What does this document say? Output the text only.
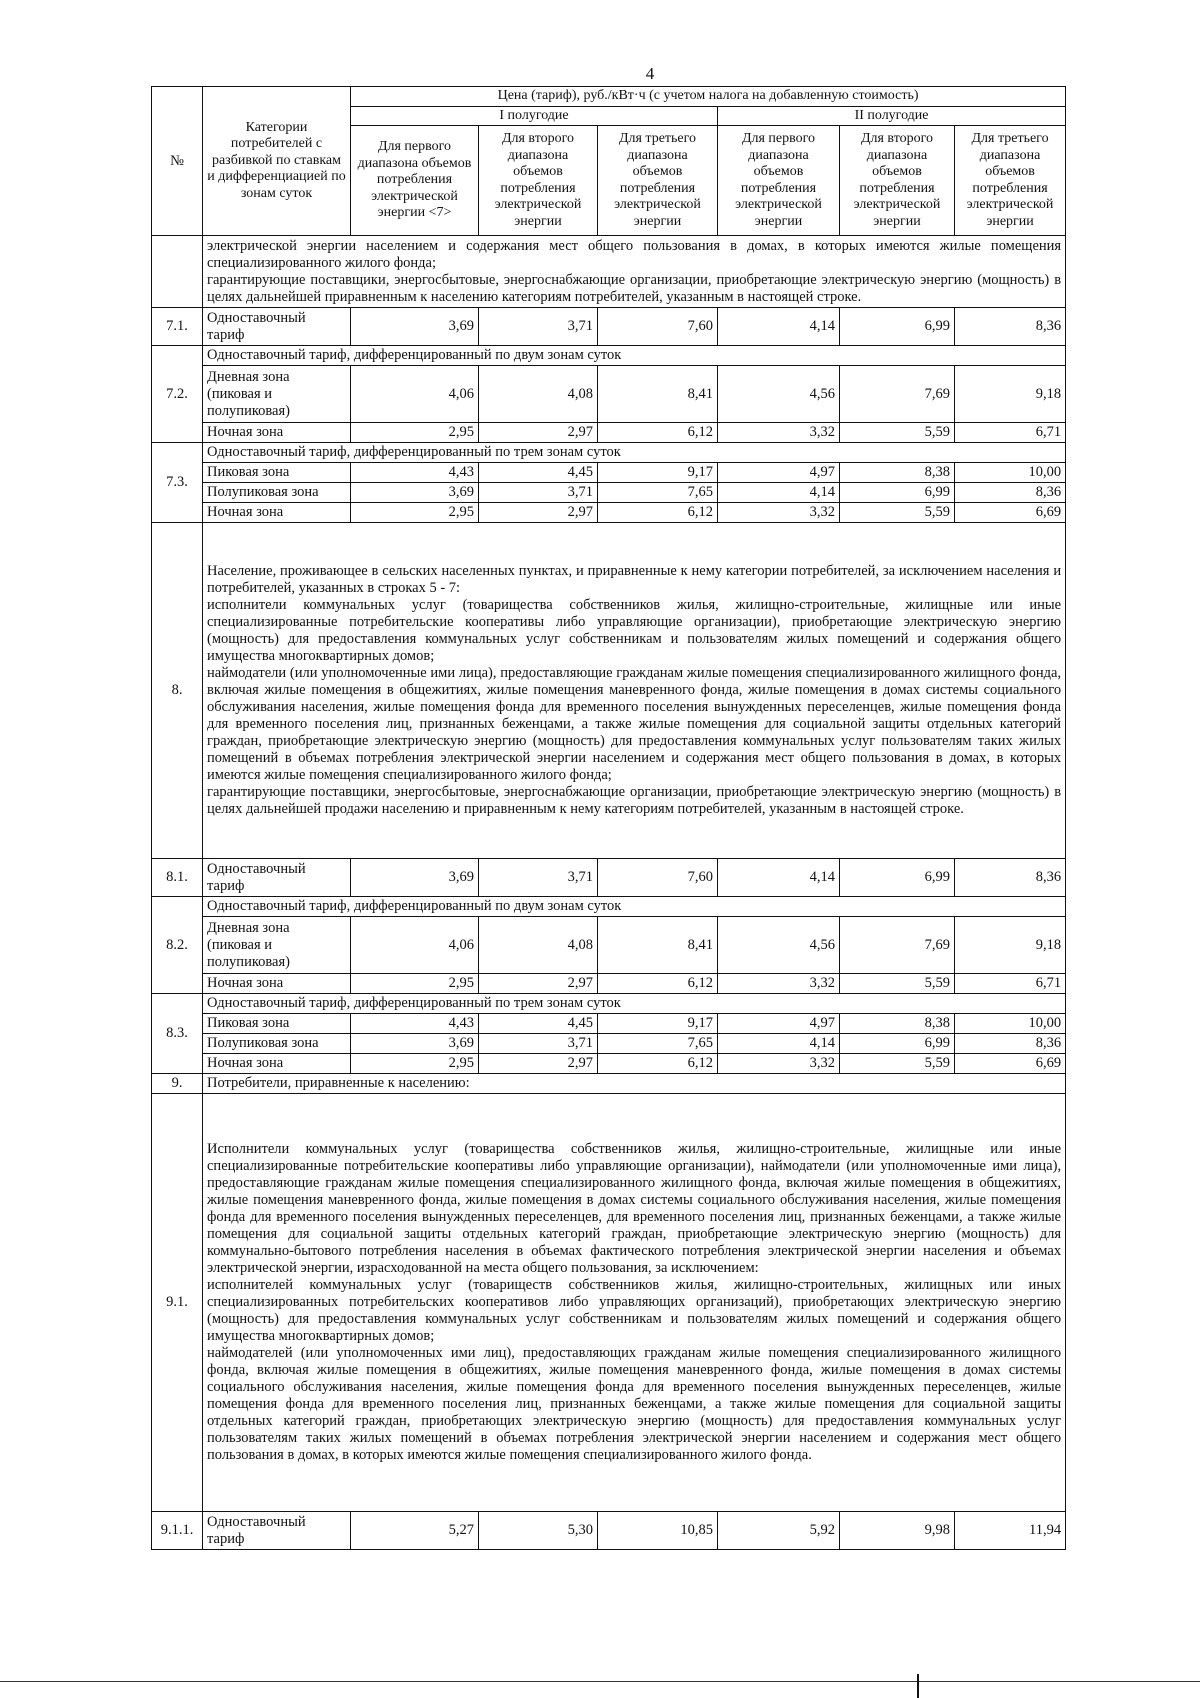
4
№	Категории потребителей с разбивкой по ставкам и дифференциацией по зонам суток	Цена (тариф), руб./кВт·ч (с учетом налога на добавленную стоимость)					
		I полугодие			II полугодие		
		Для первого диапазона объемов потребления электрической энергии <7>	Для второго диапазона объемов потребления электрической энергии	Для третьего диапазона объемов потребления электрической энергии	Для первого диапазона объемов потребления электрической энергии	Для второго диапазона объемов потребления электрической энергии	Для третьего диапазона объемов потребления электрической энергии
	электрической энергии населением и содержания мест общего пользования в домах, в которых имеются жилые помещения специализированного жилого фонда;
гарантирующие поставщики, энергосбытовые, энергоснабжающие организации, приобретающие электрическую энергию (мощность) в целях дальнейшей приравненным к населению категориям потребителей, указанным в настоящей строке.						
7.1.	Одноставочный тариф	3,69	3,71	7,60	4,14	6,99	8,36
7.2.	Одноставочный тариф, дифференцированный по двум зонам суток						
	Дневная зона (пиковая и полупиковая)	4,06	4,08	8,41	4,56	7,69	9,18
	Ночная зона	2,95	2,97	6,12	3,32	5,59	6,71
7.3.	Одноставочный тариф, дифференцированный по трем зонам суток						
	Пиковая зона	4,43	4,45	9,17	4,97	8,38	10,00
	Полупиковая зона	3,69	3,71	7,65	4,14	6,99	8,36
	Ночная зона	2,95	2,97	6,12	3,32	5,59	6,69
8.	Население, проживающее в сельских населенных пунктах, и приравненные к нему категории потребителей, за исключением населения и потребителей, указанных в строках 5 - 7:
исполнители коммунальных услуг (товарищества собственников жилья, жилищно-строительные, жилищные или иные специализированные потребительские кооперативы либо управляющие организации), приобретающие электрическую энергию (мощность) для предоставления коммунальных услуг собственникам и пользователям жилых помещений и содержания общего имущества многоквартирных домов;
наймодатели (или уполномоченные ими лица), предоставляющие гражданам жилые помещения специализированного жилищного фонда, включая жилые помещения в общежитиях, жилые помещения маневренного фонда, жилые помещения в домах системы социального обслуживания населения, жилые помещения фонда для временного поселения вынужденных переселенцев, жилые помещения фонда для временного поселения лиц, признанных беженцами, а также жилые помещения для социальной защиты отдельных категорий граждан, приобретающие электрическую энергию (мощность) для предоставления коммунальных услуг пользователям таких жилых помещений в объемах потребления электрической энергии населением и содержания мест общего пользования в домах, в которых имеются жилые помещения специализированного жилого фонда;
гарантирующие поставщики, энергосбытовые, энергоснабжающие организации, приобретающие электрическую энергию (мощность) в целях дальнейшей продажи населению и приравненным к нему категориям потребителей, указанным в настоящей строке.						
8.1.	Одноставочный тариф	3,69	3,71	7,60	4,14	6,99	8,36
8.2.	Одноставочный тариф, дифференцированный по двум зонам суток						
	Дневная зона (пиковая и полупиковая)	4,06	4,08	8,41	4,56	7,69	9,18
	Ночная зона	2,95	2,97	6,12	3,32	5,59	6,71
8.3.	Одноставочный тариф, дифференцированный по трем зонам суток						
	Пиковая зона	4,43	4,45	9,17	4,97	8,38	10,00
	Полупиковая зона	3,69	3,71	7,65	4,14	6,99	8,36
	Ночная зона	2,95	2,97	6,12	3,32	5,59	6,69
9.	Потребители, приравненные к населению:						
9.1.	Исполнители коммунальных услуг (товарищества собственников жилья, жилищно-строительные, жилищные или иные специализированные потребительские кооперативы либо управляющие организации), наймодатели (или уполномоченные ими лица), предоставляющие гражданам жилые помещения специализированного жилищного фонда, включая жилые помещения в общежитиях, жилые помещения маневренного фонда, жилые помещения в домах системы социального обслуживания населения, жилые помещения фонда для временного поселения вынужденных переселенцев, для временного поселения лиц, признанных беженцами, а также жилые помещения для социальной защиты отдельных категорий граждан, приобретающие электрическую энергию (мощность) для коммунально-бытового потребления населения в объемах фактического потребления электрической энергии населения и объемах электрической энергии, израсходованной на места общего пользования, за исключением:
исполнителей коммунальных услуг (товариществ собственников жилья, жилищно-строительных, жилищных или иных специализированных потребительских кооперативов либо управляющих организаций), приобретающих электрическую энергию (мощность) для предоставления коммунальных услуг собственникам и пользователям жилых помещений и содержания общего имущества многоквартирных домов;
наймодателей (или уполномоченных ими лиц), предоставляющих гражданам жилые помещения специализированного жилищного фонда, включая жилые помещения в общежитиях, жилые помещения маневренного фонда, жилые помещения в домах системы социального обслуживания населения, жилые помещения фонда для временного поселения вынужденных переселенцев, жилые помещения фонда для временного поселения лиц, признанных беженцами, а также жилые помещения для социальной защиты отдельных категорий граждан, приобретающих электрическую энергию (мощность) для предоставления коммунальных услуг пользователям таких жилых помещений в объемах потребления электрической энергии населением и содержания мест общего пользования в домах, в которых имеются жилые помещения специализированного жилого фонда.						
9.1.1.	Одноставочный тариф	5,27	5,30	10,85	5,92	9,98	11,94
